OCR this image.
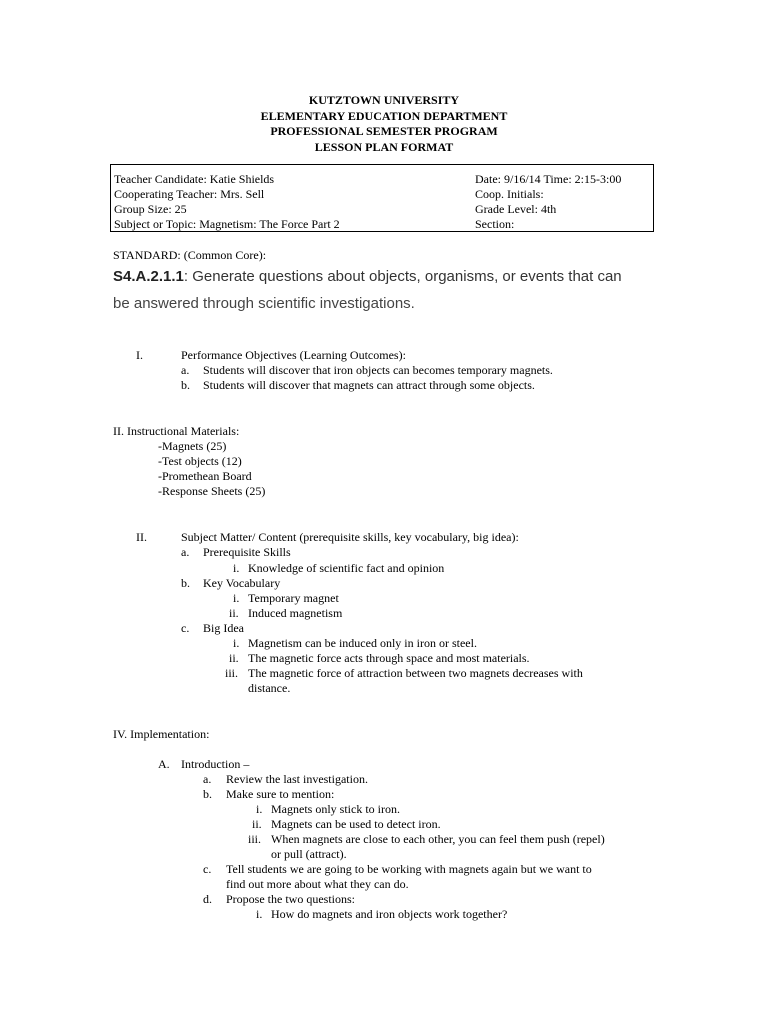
KUTZTOWN UNIVERSITY
ELEMENTARY EDUCATION DEPARTMENT
PROFESSIONAL SEMESTER PROGRAM
LESSON PLAN FORMAT
Teacher Candidate: Katie Shields	Date: 9/16/14 Time: 2:15-3:00
Cooperating Teacher: Mrs. Sell	Coop. Initials:
Group Size: 25	Grade Level: 4th
Subject or Topic: Magnetism: The Force Part 2	Section:
STANDARD: (Common Core):
S4.A.2.1.1: Generate questions about objects, organisms, or events that can
be answered through scientific investigations.
I.	Performance Objectives (Learning Outcomes):
a. Students will discover that iron objects can becomes temporary magnets.
b. Students will discover that magnets can attract through some objects.
II. Instructional Materials:
-Magnets (25)
-Test objects (12)
-Promethean Board
-Response Sheets (25)
II.	Subject Matter/ Content (prerequisite skills, key vocabulary, big idea):
a. Prerequisite Skills
i. Knowledge of scientific fact and opinion
b. Key Vocabulary
i. Temporary magnet
ii. Induced magnetism
c. Big Idea
i. Magnetism can be induced only in iron or steel.
ii. The magnetic force acts through space and most materials.
iii. The magnetic force of attraction between two magnets decreases with
distance.
IV. Implementation:
A. Introduction –
a. Review the last investigation.
b. Make sure to mention:
i. Magnets only stick to iron.
ii. Magnets can be used to detect iron.
iii. When magnets are close to each other, you can feel them push (repel)
or pull (attract).
c. Tell students we are going to be working with magnets again but we want to
find out more about what they can do.
d. Propose the two questions:
i. How do magnets and iron objects work together?
